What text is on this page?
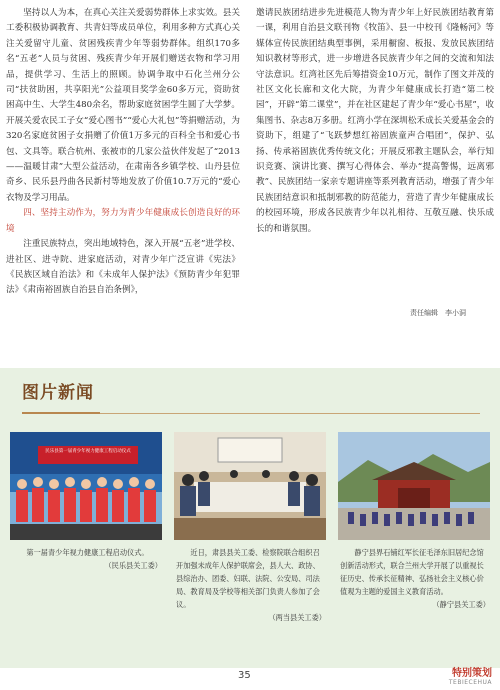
坚持以人为本，在真心关注关爱弱势群体上求实效。县关工委积极协调教育、共青妇等成员单位，利用多种方式真心关注关爱留守儿童、贫困残疾青少年等弱势群体。组织170多名“五老”人员与贫困、残疾青少年开展们赠送衣物和学习用品，提供学习、生活上的照顾。协调争取中石化兰州分公司“扶贫助困，共享阳光”公益项目奖学金60多万元，资助贫困高中生、大学生480余名，帮助家庭贫困学生圆了大学梦。开展关爱农民工子女“爱心图书”“爱心大礼包”等捐赠活动，为320名家庭贫困子女捐赠了价值1万多元的百科全书和爱心书包、文具等。联合杭州、张被市的几家公益伙伴发起了“2013——温暖甘肃”大型公益活动，在肃南各乡镇学校、山丹县位奇乡、民乐县丹曲各民新村等地发放了价值10.7万元的“爱心衣物及学习用品。

四、坚持主动作为，努力为青少年健康成长创造良好的环境

注重民族特点，突出地域特色，深入开展“五老”进学校、进社区、进寺院、进家庭活动，对青少年广泛宣讲《宪法》《民族区域自治法》和《未成年人保护法》《预防青少年犯罪法》《肃南裕固族自治县自治条例》，

邀请民族团结进步先进模范人物为青少年上好民族团结教育第一课，利用自治县文联刊物《牧笛》、县一中校刊《隆畅河》等媒体宣传民族团结典型事例，采用橱窗、板报、发放民族团结知识教材等形式，进一步增进各民族青少年之间的交流和知法守法意识。红湾社区先后筹措资金10万元，制作了图文并茂的社区文化长廊和文化大院，为青少年健康成长打造“第二校园”，开辟“第二课堂”，并在社区建起了青少年“爱心书屋”，收集图书、杂志8万多册。红湾小学在深圳松禾成长关爱基金会的资助下，组建了“飞跃梦想红裕固族童声合唱团”，保护、弘扬、传承裕固族优秀传统文化；开展反邪教主题队会，举行知识竞赛、演讲比赛、撰写心得体会、举办“提高警惕，远离邪教”、民族团结一家亲专题讲座等系列教育活动，增强了青少年民族团结意识和抵制邪教的防范能力，营造了青少年健康成长的校园环境，形成各民族青少年以礼相待、互敬互融、快乐成长的和谐氛围。

责任编辑　李小洞
图片新闻
民乐县第一届青少年视力健康工程启动仪式

第一届青少年视力健康工程启动仪式。
（民乐县关工委）

近日，肃县县关工委、检察院联合组织召开加强未成年人保护联席会，县人大、政协、县综治办、团委、妇联、法院、公安局、司法局、教育局及学校等相关部门负责人参加了会议。

（两当县关工委）

静宁县界石铺红军长征毛泽东旧居纪念馆创新活动形式，联合兰州大学开展了以重视长征历史、传承长征精神、弘扬社会主义核心价值观为主题的爱国主义教育活动。

（静宁县关工委）
35	特别策划
TEBIECEHUA
